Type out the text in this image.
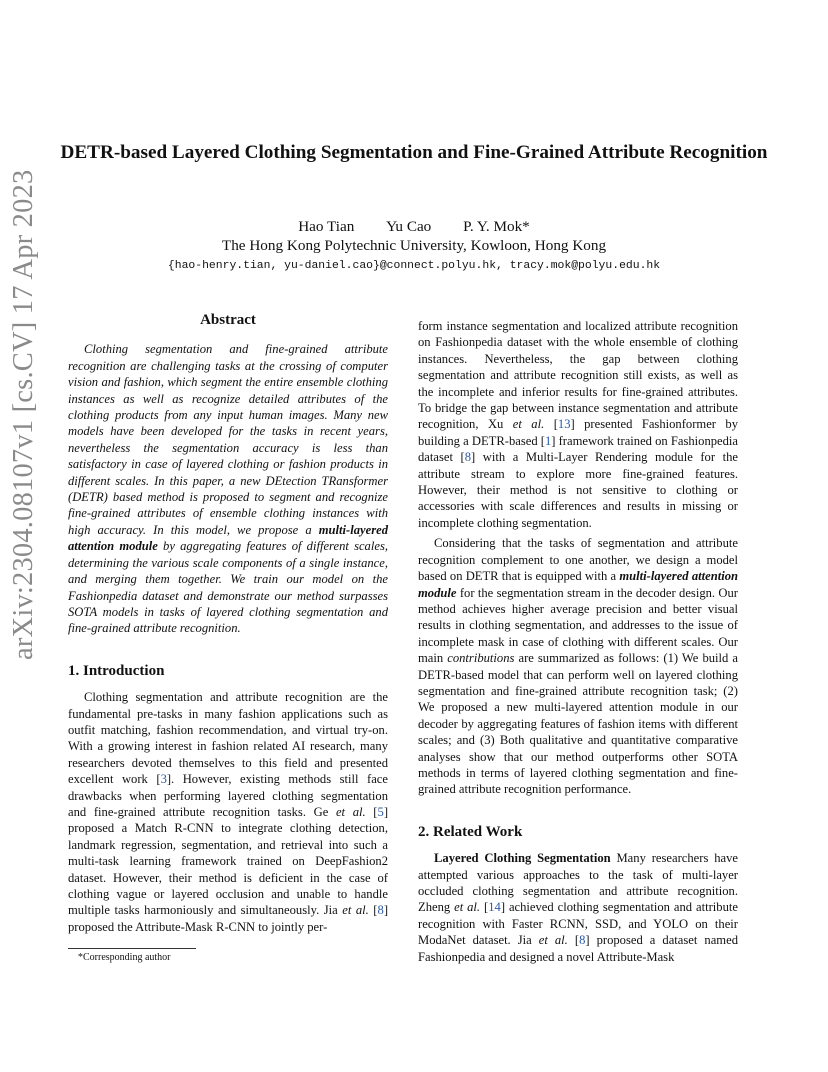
arXiv:2304.08107v1 [cs.CV] 17 Apr 2023
DETR-based Layered Clothing Segmentation and Fine-Grained Attribute Recognition
Hao Tian Yu Cao P. Y. Mok*
The Hong Kong Polytechnic University, Kowloon, Hong Kong
{hao-henry.tian, yu-daniel.cao}@connect.polyu.hk, tracy.mok@polyu.edu.hk

Abstract

Clothing segmentation and fine-grained attribute recognition are challenging tasks at the crossing of computer vision and fashion, which segment the entire ensemble clothing instances as well as recognize detailed attributes of the clothing products from any input human images. Many new models have been developed for the tasks in recent years, nevertheless the segmentation accuracy is less than satisfactory in case of layered clothing or fashion products in different scales. In this paper, a new DEtection TRansformer (DETR) based method is proposed to segment and recognize fine-grained attributes of ensemble clothing instances with high accuracy. In this model, we propose a multi-layered attention module by aggregating features of different scales, determining the various scale components of a single instance, and merging them together. We train our model on the Fashionpedia dataset and demonstrate our method surpasses SOTA models in tasks of layered clothing segmentation and fine-grained attribute recognition.

1. Introduction

Clothing segmentation and attribute recognition are the fundamental pre-tasks in many fashion applications such as outfit matching, fashion recommendation, and virtual try-on. With a growing interest in fashion related AI research, many researchers devoted themselves to this field and presented excellent work [3]. However, existing methods still face drawbacks when performing layered clothing segmentation and fine-grained attribute recognition tasks. Ge et al. [5] proposed a Match R-CNN to integrate clothing detection, landmark regression, segmentation, and retrieval into such a multi-task learning framework trained on DeepFashion2 dataset. However, their method is deficient in the case of clothing vague or layered occlusion and unable to handle multiple tasks harmoniously and simultaneously. Jia et al. [8] proposed the Attribute-Mask R-CNN to jointly per-

*Corresponding author

form instance segmentation and localized attribute recognition on Fashionpedia dataset with the whole ensemble of clothing instances. Nevertheless, the gap between clothing segmentation and attribute recognition still exists, as well as the incomplete and inferior results for fine-grained attributes. To bridge the gap between instance segmentation and attribute recognition, Xu et al. [13] presented Fashionformer by building a DETR-based [1] framework trained on Fashionpedia dataset [8] with a Multi-Layer Rendering module for the attribute stream to explore more fine-grained features. However, their method is not sensitive to clothing or accessories with scale differences and results in missing or incomplete clothing segmentation.

Considering that the tasks of segmentation and attribute recognition complement to one another, we design a model based on DETR that is equipped with a multi-layered attention module for the segmentation stream in the decoder design. Our method achieves higher average precision and better visual results in clothing segmentation, and addresses to the issue of incomplete mask in case of clothing with different scales. Our main contributions are summarized as follows: (1) We build a DETR-based model that can perform well on layered clothing segmentation and fine-grained attribute recognition task; (2) We proposed a new multi-layered attention module in our decoder by aggregating features of fashion items with different scales; and (3) Both qualitative and quantitative comparative analyses show that our method outperforms other SOTA methods in terms of layered clothing segmentation and fine-grained attribute recognition performance.

2. Related Work

Layered Clothing Segmentation Many researchers have attempted various approaches to the task of multi-layer occluded clothing segmentation and attribute recognition. Zheng et al. [14] achieved clothing segmentation and attribute recognition with Faster RCNN, SSD, and YOLO on their ModaNet dataset. Jia et al. [8] proposed a dataset named Fashionpedia and designed a novel Attribute-Mask
